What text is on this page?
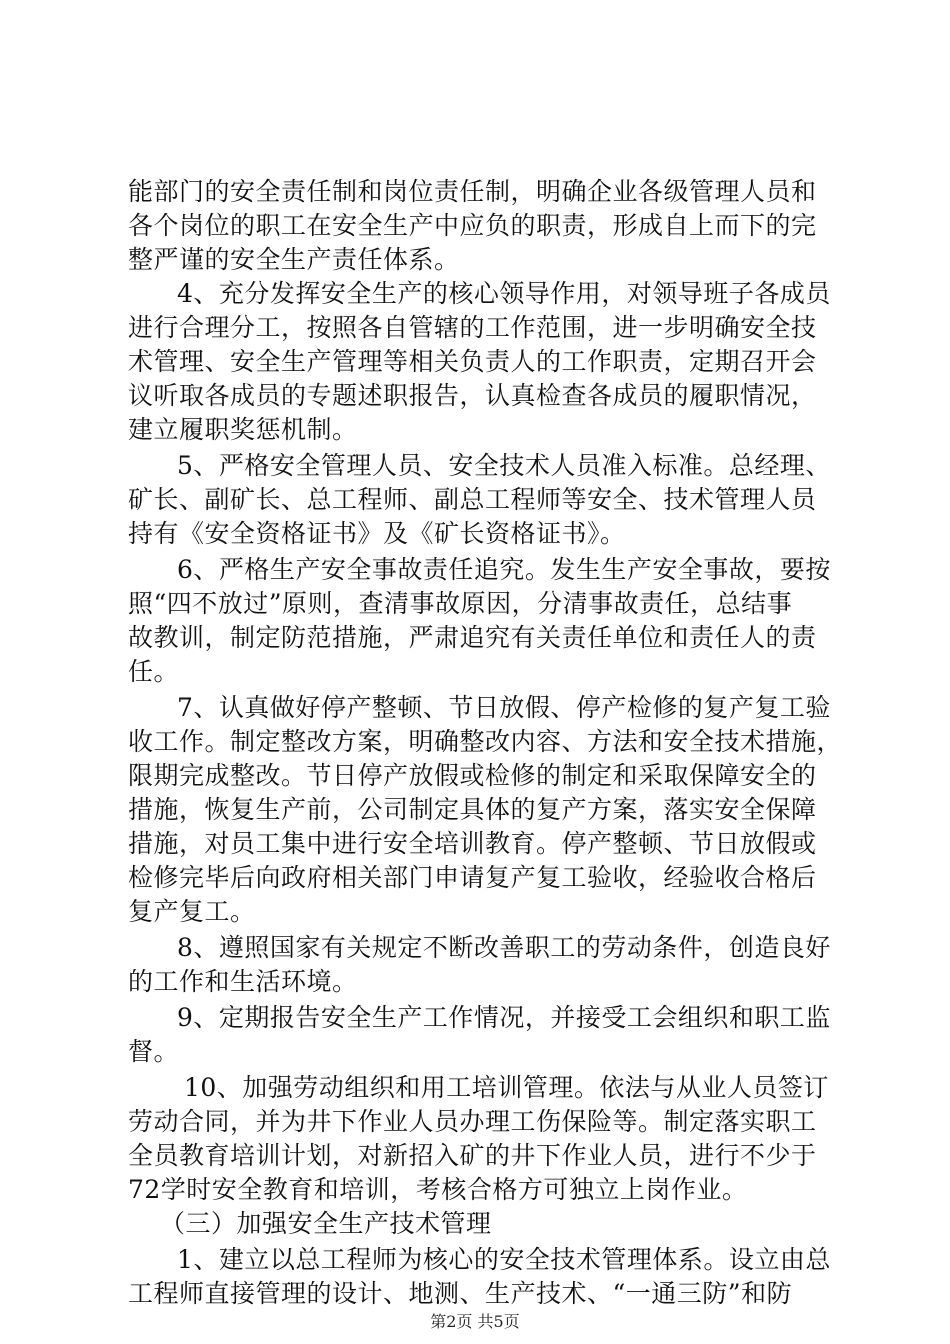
能部门的安全责任制和岗位责任制，明确企业各级管理人员和
各个岗位的职工在安全生产中应负的职责，形成自上而下的完
整严谨的安全生产责任体系。
4、充分发挥安全生产的核心领导作用，对领导班子各成员
进行合理分工，按照各自管辖的工作范围，进一步明确安全技
术管理、安全生产管理等相关负责人的工作职责，定期召开会
议听取各成员的专题述职报告，认真检查各成员的履职情况，
建立履职奖惩机制。
5、严格安全管理人员、安全技术人员准入标准。总经理、
矿长、副矿长、总工程师、副总工程师等安全、技术管理人员
持有《安全资格证书》及《矿长资格证书》。
6、严格生产安全事故责任追究。发生生产安全事故，要按
照“四不放过”原则，查清事故原因，分清事故责任，总结事
故教训，制定防范措施，严肃追究有关责任单位和责任人的责
任。
7、认真做好停产整顿、节日放假、停产检修的复产复工验
收工作。制定整改方案，明确整改内容、方法和安全技术措施，
限期完成整改。节日停产放假或检修的制定和采取保障安全的
措施，恢复生产前，公司制定具体的复产方案，落实安全保障
措施，对员工集中进行安全培训教育。停产整顿、节日放假或
检修完毕后向政府相关部门申请复产复工验收，经验收合格后
复产复工。
8、遵照国家有关规定不断改善职工的劳动条件，创造良好
的工作和生活环境。
9、定期报告安全生产工作情况，并接受工会组织和职工监
督。
10、加强劳动组织和用工培训管理。依法与从业人员签订
劳动合同，并为井下作业人员办理工伤保险等。制定落实职工
全员教育培训计划，对新招入矿的井下作业人员，进行不少于
72学时安全教育和培训，考核合格方可独立上岗作业。
（三）加强安全生产技术管理
1、建立以总工程师为核心的安全技术管理体系。设立由总
工程师直接管理的设计、地测、生产技术、“一通三防”和防
第2页 共5页
